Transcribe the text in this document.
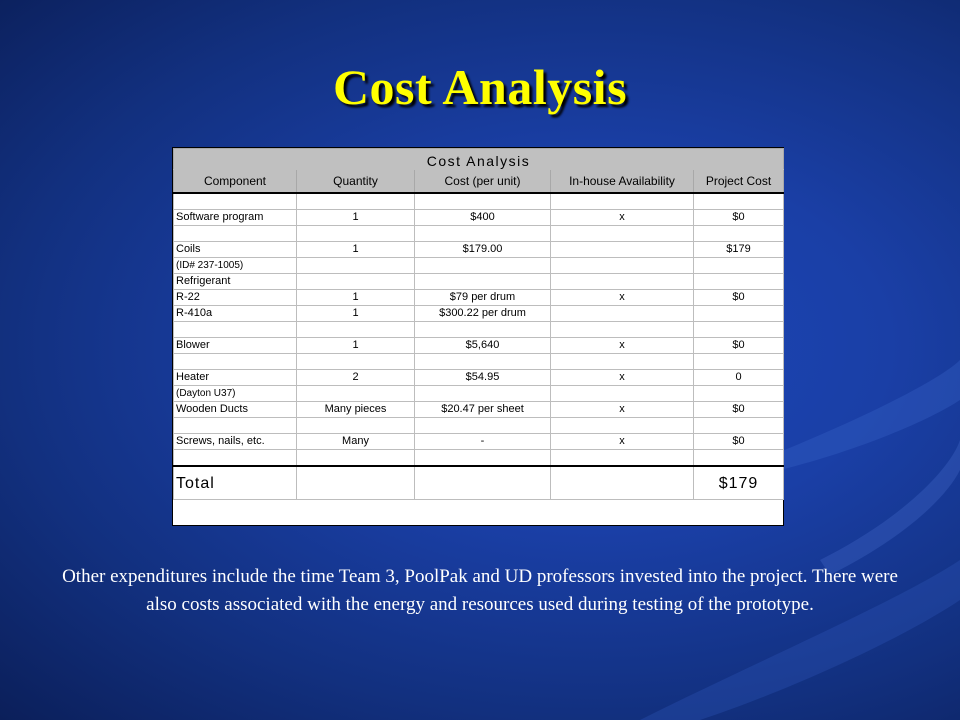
Cost Analysis
Cost Analysis				
Component	Quantity	Cost (per unit)	In-house Availability	Project Cost

Software program	1	$400	x	$0

Coils	1	$179.00		$179
(ID# 237-1005)				
Refrigerant				
R-22	1	$79 per drum	x	$0
R-410a	1	$300.22 per drum		

Blower	1	$5,640	x	$0

Heater	2	$54.95	x	0
(Dayton U37)				
Wooden Ducts	Many pieces	$20.47 per sheet	x	$0

Screws, nails, etc.	Many	-	x	$0

Total				$179
Other expenditures include the time Team 3, PoolPak and UD professors invested into the project. There were also costs associated with the energy and resources used during testing of the prototype.
